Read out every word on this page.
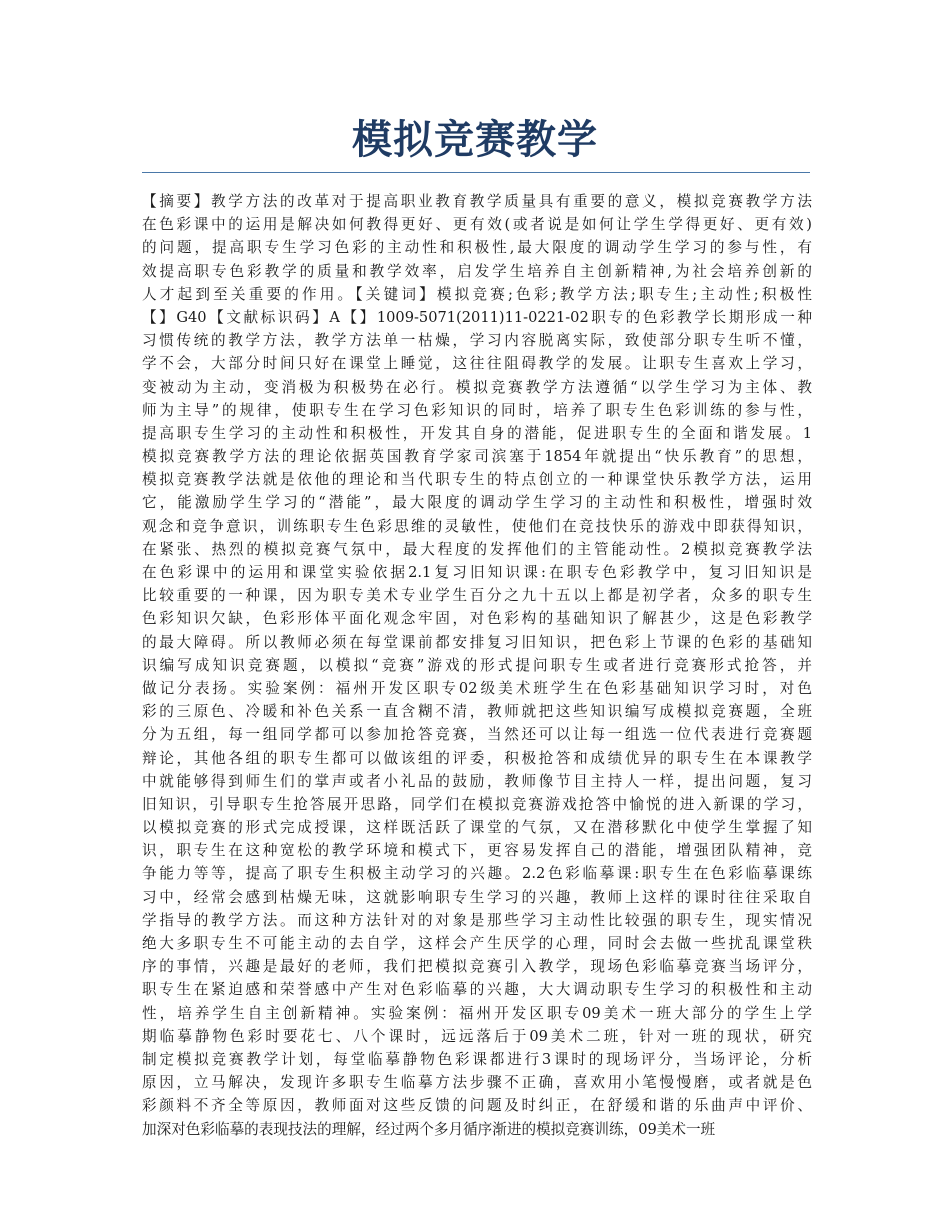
模拟竞赛教学
【摘要】教学方法的改革对于提高职业教育教学质量具有重要的意义，模拟竞赛教学方法
在色彩课中的运用是解决如何教得更好、更有效(或者说是如何让学生学得更好、更有效)
的问题，提高职专生学习色彩的主动性和积极性,最大限度的调动学生学习的参与性，有
效提高职专色彩教学的质量和教学效率，启发学生培养自主创新精神,为社会培养创新的
人才起到至关重要的作用。【关键词】模拟竞赛;色彩;教学方法;职专生;主动性;积极性
【】G40【文献标识码】A【】1009-5071(2011)11-0221-02职专的色彩教学长期形成一种
习惯传统的教学方法，教学方法单一枯燥，学习内容脱离实际，致使部分职专生听不懂，
学不会，大部分时间只好在课堂上睡觉，这往往阻碍教学的发展。让职专生喜欢上学习，
变被动为主动，变消极为积极势在必行。模拟竞赛教学方法遵循“以学生学习为主体、教
师为主导”的规律，使职专生在学习色彩知识的同时，培养了职专生色彩训练的参与性，
提高职专生学习的主动性和积极性，开发其自身的潜能，促进职专生的全面和谐发展。1
模拟竞赛教学方法的理论依据英国教育学家司滨塞于1854年就提出“快乐教育”的思想，
模拟竞赛教学法就是依他的理论和当代职专生的特点创立的一种课堂快乐教学方法，运用
它，能激励学生学习的“潜能”，最大限度的调动学生学习的主动性和积极性，增强时效
观念和竞争意识，训练职专生色彩思维的灵敏性，使他们在竞技快乐的游戏中即获得知识，
在紧张、热烈的模拟竞赛气氛中，最大程度的发挥他们的主管能动性。2模拟竞赛教学法
在色彩课中的运用和课堂实验依据2.1复习旧知识课:在职专色彩教学中，复习旧知识是
比较重要的一种课，因为职专美术专业学生百分之九十五以上都是初学者，众多的职专生
色彩知识欠缺，色彩形体平面化观念牢固，对色彩构的基础知识了解甚少，这是色彩教学
的最大障碍。所以教师必须在每堂课前都安排复习旧知识，把色彩上节课的色彩的基础知
识编写成知识竞赛题，以模拟“竞赛”游戏的形式提问职专生或者进行竞赛形式抢答，并
做记分表扬。实验案例：福州开发区职专02级美术班学生在色彩基础知识学习时，对色
彩的三原色、冷暖和补色关系一直含糊不清，教师就把这些知识编写成模拟竞赛题，全班
分为五组，每一组同学都可以参加抢答竞赛，当然还可以让每一组选一位代表进行竞赛题
辩论，其他各组的职专生都可以做该组的评委，积极抢答和成绩优异的职专生在本课教学
中就能够得到师生们的掌声或者小礼品的鼓励，教师像节目主持人一样，提出问题，复习
旧知识，引导职专生抢答展开思路，同学们在模拟竞赛游戏抢答中愉悦的进入新课的学习，
以模拟竞赛的形式完成授课，这样既活跃了课堂的气氛，又在潜移默化中使学生掌握了知
识，职专生在这种宽松的教学环境和模式下，更容易发挥自己的潜能，增强团队精神，竞
争能力等等，提高了职专生积极主动学习的兴趣。2.2色彩临摹课:职专生在色彩临摹课练
习中，经常会感到枯燥无味，这就影响职专生学习的兴趣，教师上这样的课时往往采取自
学指导的教学方法。而这种方法针对的对象是那些学习主动性比较强的职专生，现实情况
绝大多职专生不可能主动的去自学，这样会产生厌学的心理，同时会去做一些扰乱课堂秩
序的事情，兴趣是最好的老师，我们把模拟竞赛引入教学，现场色彩临摹竞赛当场评分，
职专生在紧迫感和荣誉感中产生对色彩临摹的兴趣，大大调动职专生学习的积极性和主动
性，培养学生自主创新精神。实验案例：福州开发区职专09美术一班大部分的学生上学
期临摹静物色彩时要花七、八个课时，远远落后于09美术二班，针对一班的现状，研究
制定模拟竞赛教学计划，每堂临摹静物色彩课都进行3课时的现场评分，当场评论，分析
原因，立马解决，发现许多职专生临摹方法步骤不正确，喜欢用小笔慢慢磨，或者就是色
彩颜料不齐全等原因，教师面对这些反馈的问题及时纠正，在舒缓和谐的乐曲声中评价、
加深对色彩临摹的表现技法的理解，经过两个多月循序渐进的模拟竞赛训练，09美术一班
